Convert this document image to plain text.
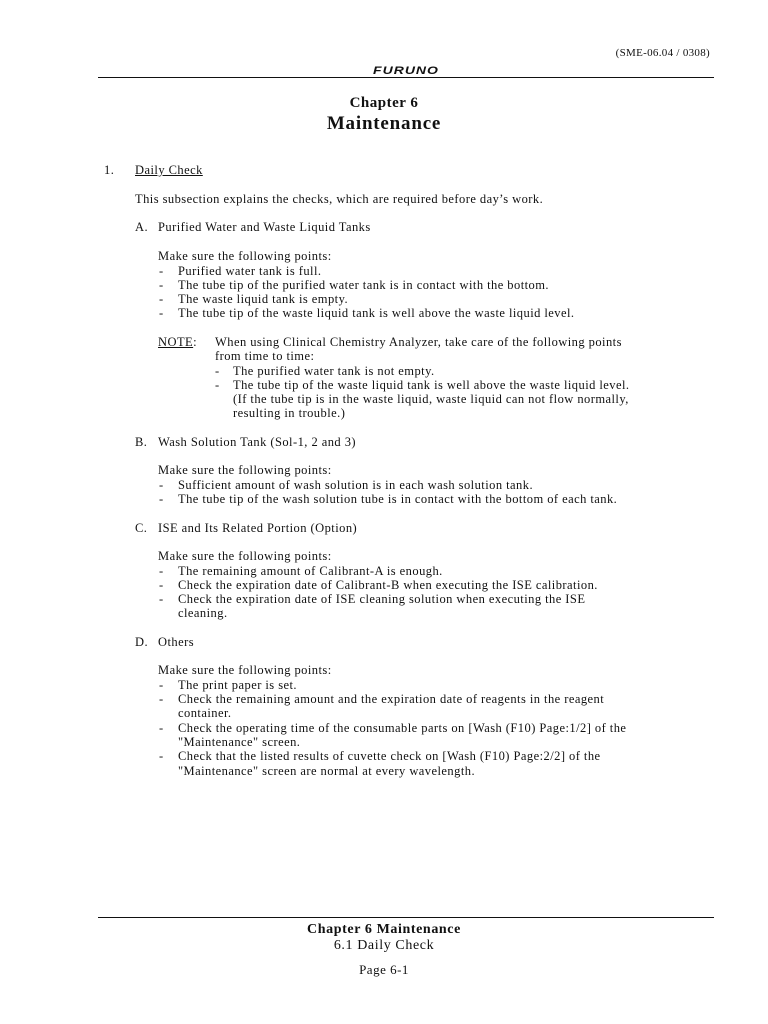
(SME-06.04 / 0308)
FURUNO
Chapter 6
Maintenance
1. Daily Check
This subsection explains the checks, which are required before day’s work.
A. Purified Water and Waste Liquid Tanks
Make sure the following points:
- Purified water tank is full.
- The tube tip of the purified water tank is in contact with the bottom.
- The waste liquid tank is empty.
- The tube tip of the waste liquid tank is well above the waste liquid level.
NOTE: When using Clinical Chemistry Analyzer, take care of the following points
from time to time:
- The purified water tank is not empty.
- The tube tip of the waste liquid tank is well above the waste liquid level.
(If the tube tip is in the waste liquid, waste liquid can not flow normally,
resulting in trouble.)
B. Wash Solution Tank (Sol-1, 2 and 3)
Make sure the following points:
- Sufficient amount of wash solution is in each wash solution tank.
- The tube tip of the wash solution tube is in contact with the bottom of each tank.
C. ISE and Its Related Portion (Option)
Make sure the following points:
- The remaining amount of Calibrant-A is enough.
- Check the expiration date of Calibrant-B when executing the ISE calibration.
- Check the expiration date of ISE cleaning solution when executing the ISE
cleaning.
D. Others
Make sure the following points:
- The print paper is set.
- Check the remaining amount and the expiration date of reagents in the reagent
container.
- Check the operating time of the consumable parts on [Wash (F10) Page:1/2] of the
"Maintenance" screen.
- Check that the listed results of cuvette check on [Wash (F10) Page:2/2] of the
"Maintenance" screen are normal at every wavelength.
Chapter 6 Maintenance
6.1 Daily Check
Page 6-1
